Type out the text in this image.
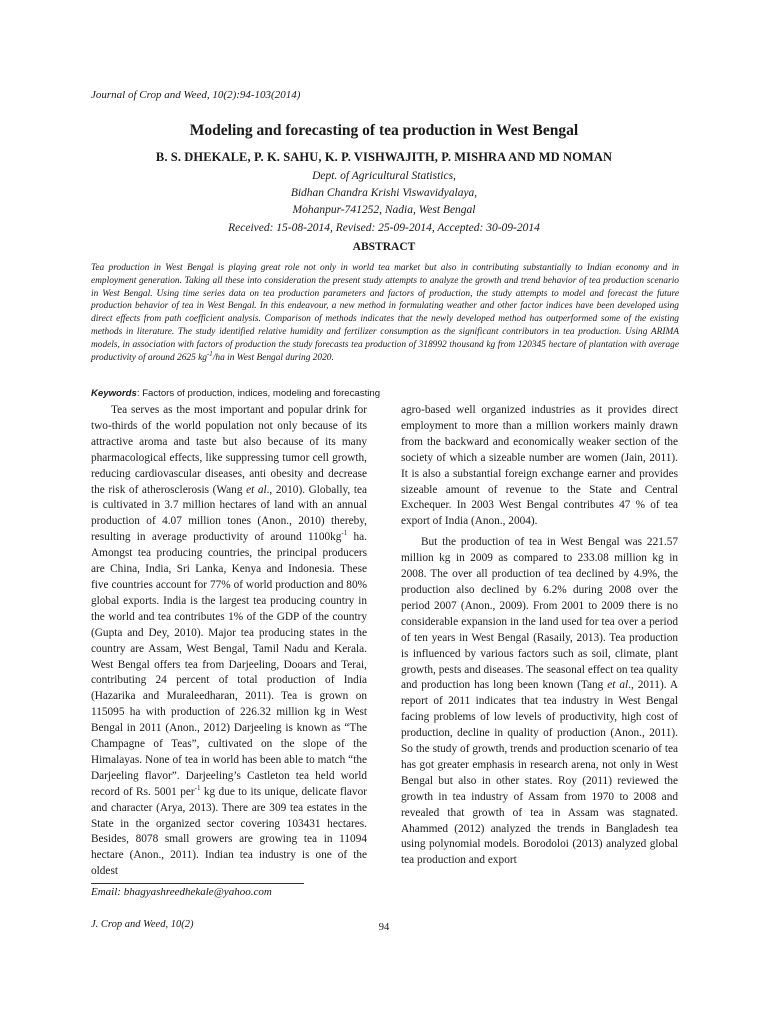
Journal of Crop and Weed, 10(2):94-103(2014)
Modeling and forecasting of tea production in West Bengal
B. S. DHEKALE, P. K. SAHU, K. P. VISHWAJITH, P. MISHRA AND MD NOMAN
Dept. of Agricultural Statistics,
Bidhan Chandra Krishi Viswavidyalaya,
Mohanpur-741252, Nadia, West Bengal
Received: 15-08-2014, Revised: 25-09-2014, Accepted: 30-09-2014
ABSTRACT
Tea production in West Bengal is playing great role not only in world tea market but also in contributing substantially to Indian economy and in employment generation. Taking all these into consideration the present study attempts to analyze the growth and trend behavior of tea production scenario in West Bengal. Using time series data on tea production parameters and factors of production, the study attempts to model and forecast the future production behavior of tea in West Bengal. In this endeavour, a new method in formulating weather and other factor indices have been developed using direct effects from path coefficient analysis. Comparison of methods indicates that the newly developed method has outperformed some of the existing methods in literature. The study identified relative humidity and fertilizer consumption as the significant contributors in tea production. Using ARIMA models, in association with factors of production the study forecasts tea production of 318992 thousand kg from 120345 hectare of plantation with average productivity of around 2625 $kg^{-1}/ha$ in West Bengal during 2020.
Keywords: Factors of production, indices, modeling and forecasting

Tea serves as the most important and popular drink for two-thirds of the world population not only because of its attractive aroma and taste but also because of its many pharmacological effects, like suppressing tumor cell growth, reducing cardiovascular diseases, anti obesity and decrease the risk of atherosclerosis (Wang et al., 2010). Globally, tea is cultivated in 3.7 million hectares of land with an annual production of 4.07 million tones (Anon., 2010) thereby, resulting in average productivity of around $1100kg^{-1}$ ha. Amongst tea producing countries, the principal producers are China, India, Sri Lanka, Kenya and Indonesia. These five countries account for 77% of world production and 80% global exports. India is the largest tea producing country in the world and tea contributes 1% of the GDP of the country (Gupta and Dey, 2010). Major tea producing states in the country are Assam, West Bengal, Tamil Nadu and Kerala. West Bengal offers tea from Darjeeling, Dooars and Terai, contributing 24 percent of total production of India (Hazarika and Muraleedharan, 2011). Tea is grown on 115095 ha with production of 226.32 million kg in West Bengal in 2011 (Anon., 2012) Darjeeling is known as “The Champagne of Teas”, cultivated on the slope of the Himalayas. None of tea in world has been able to match “the Darjeeling flavor”. Darjeeling’s Castleton tea held world record of Rs. 5001 per$^{-1}$ kg due to its unique, delicate flavor and character (Arya, 2013). There are 309 tea estates in the State in the organized sector covering 103431 hectares. Besides, 8078 small growers are growing tea in 11094 hectare (Anon., 2011). Indian tea industry is one of the oldest

agro-based well organized industries as it provides direct employment to more than a million workers mainly drawn from the backward and economically weaker section of the society of which a sizeable number are women (Jain, 2011). It is also a substantial foreign exchange earner and provides sizeable amount of revenue to the State and Central Exchequer. In 2003 West Bengal contributes 47 % of tea export of India (Anon., 2004).

But the production of tea in West Bengal was 221.57 million kg in 2009 as compared to 233.08 million kg in 2008. The over all production of tea declined by 4.9%, the production also declined by 6.2% during 2008 over the period 2007 (Anon., 2009). From 2001 to 2009 there is no considerable expansion in the land used for tea over a period of ten years in West Bengal (Rasaily, 2013). Tea production is influenced by various factors such as soil, climate, plant growth, pests and diseases. The seasonal effect on tea quality and production has long been known (Tang et al., 2011). A report of 2011 indicates that tea industry in West Bengal facing problems of low levels of productivity, high cost of production, decline in quality of production (Anon., 2011). So the study of growth, trends and production scenario of tea has got greater emphasis in research arena, not only in West Bengal but also in other states. Roy (2011) reviewed the growth in tea industry of Assam from 1970 to 2008 and revealed that growth of tea in Assam was stagnated. Ahammed (2012) analyzed the trends in Bangladesh tea using polynomial models. Borodoloi (2013) analyzed global tea production and export

Email: bhagyashreedhekale@yahoo.com
J. Crop and Weed, 10(2)	94
